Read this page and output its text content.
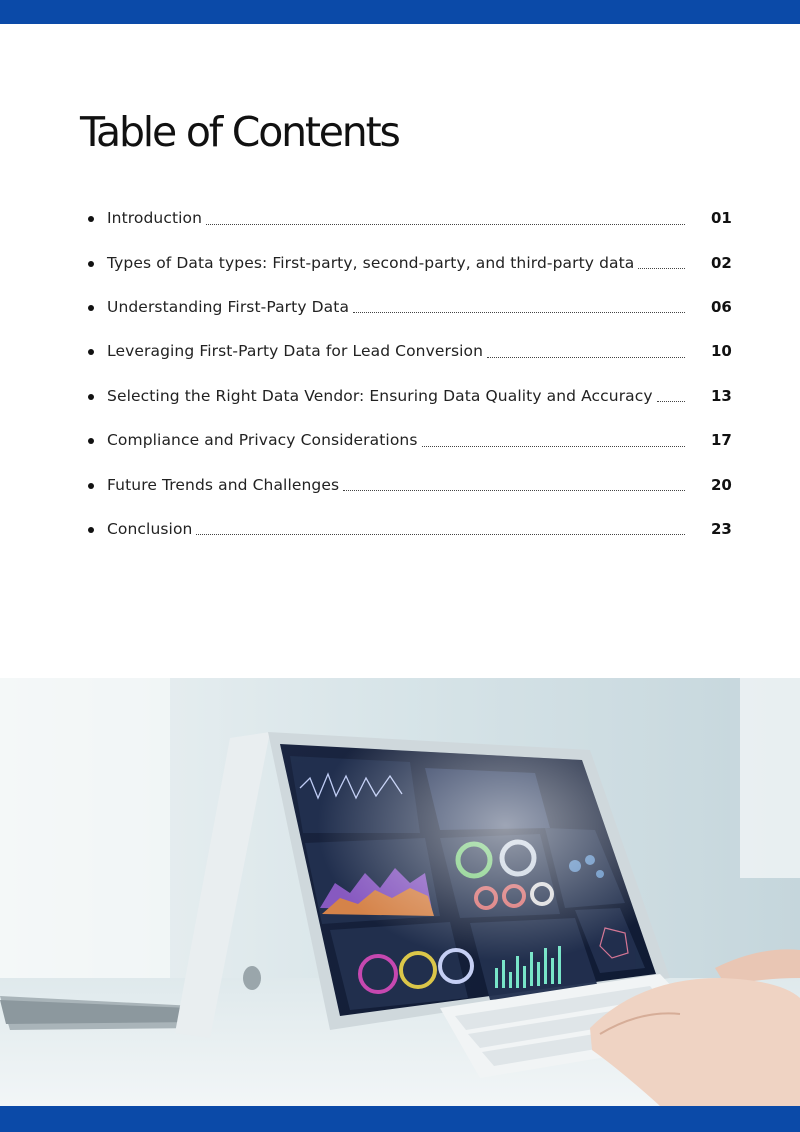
Table of Contents
Introduction	01
Types of Data types: First-party, second-party, and third-party data	02
Understanding First-Party Data	06
Leveraging First-Party Data for Lead Conversion	10
Selecting the Right Data Vendor: Ensuring Data Quality and Accuracy	13
Compliance and Privacy Considerations	17
Future Trends and Challenges	20
Conclusion	23
